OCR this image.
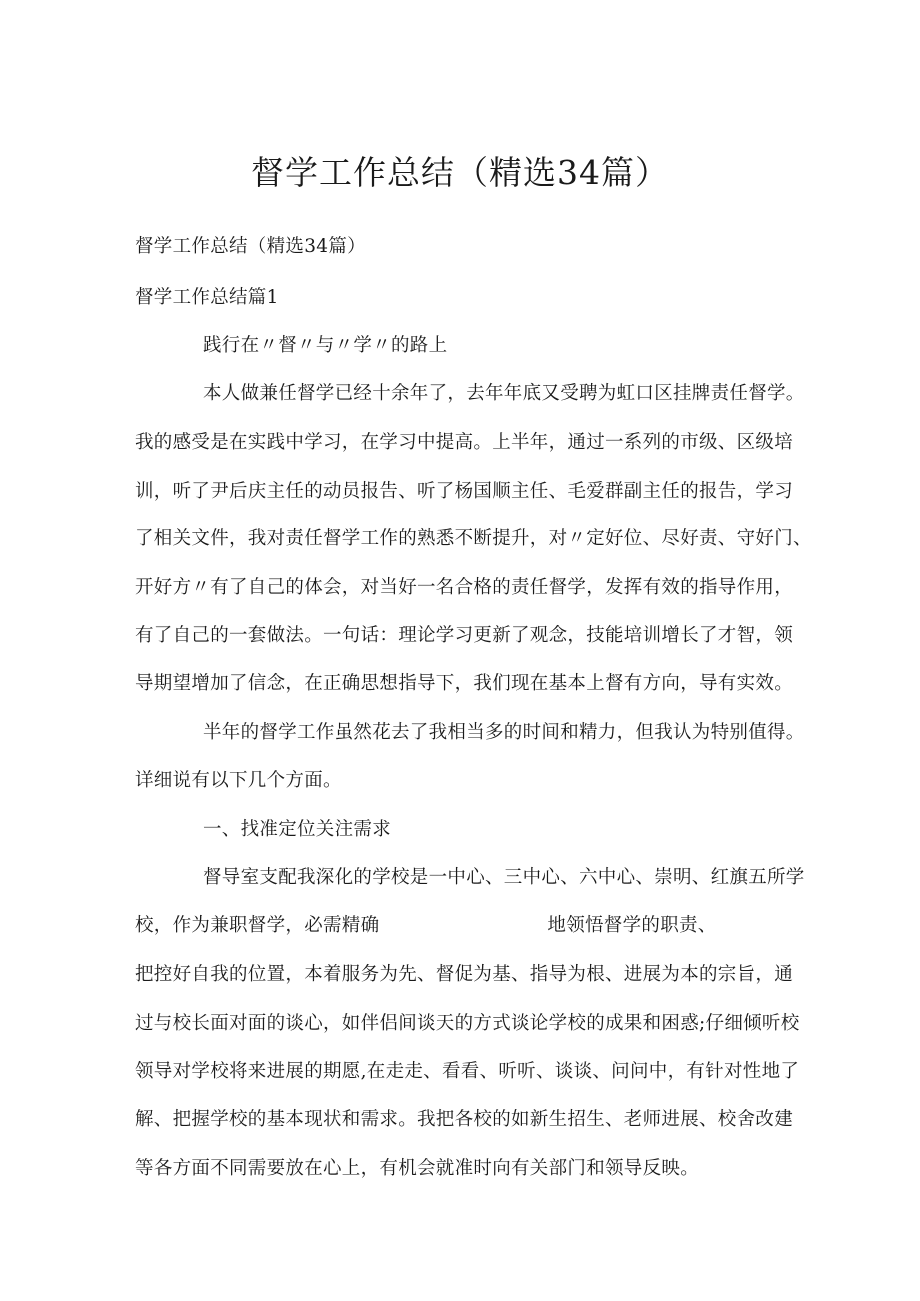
督学工作总结（精选34篇）
督学工作总结（精选34篇）
督学工作总结篇1
践行在〃督〃与〃学〃的路上
本人做兼任督学已经十余年了，去年年底又受聘为虹口区挂牌责任督学。
我的感受是在实践中学习，在学习中提高。上半年，通过一系列的市级、区级培
训，听了尹后庆主任的动员报告、听了杨国顺主任、毛爱群副主任的报告，学习
了相关文件，我对责任督学工作的熟悉不断提升，对〃定好位、尽好责、守好门、
开好方〃有了自己的体会，对当好一名合格的责任督学，发挥有效的指导作用，
有了自己的一套做法。一句话：理论学习更新了观念，技能培训增长了才智，领
导期望增加了信念，在正确思想指导下，我们现在基本上督有方向，导有实效。
半年的督学工作虽然花去了我相当多的时间和精力，但我认为特别值得。
详细说有以下几个方面。
一、找准定位关注需求
督导室支配我深化的学校是一中心、三中心、六中心、崇明、红旗五所学
校，作为兼职督学，必需精确	地领悟督学的职责、
把控好自我的位置，本着服务为先、督促为基、指导为根、进展为本的宗旨，通
过与校长面对面的谈心，如伴侣间谈天的方式谈论学校的成果和困惑;仔细倾听校
领导对学校将来进展的期愿,在走走、看看、听听、谈谈、问问中，有针对性地了
解、把握学校的基本现状和需求。我把各校的如新生招生、老师进展、校舍改建
等各方面不同需要放在心上，有机会就准时向有关部门和领导反映。
